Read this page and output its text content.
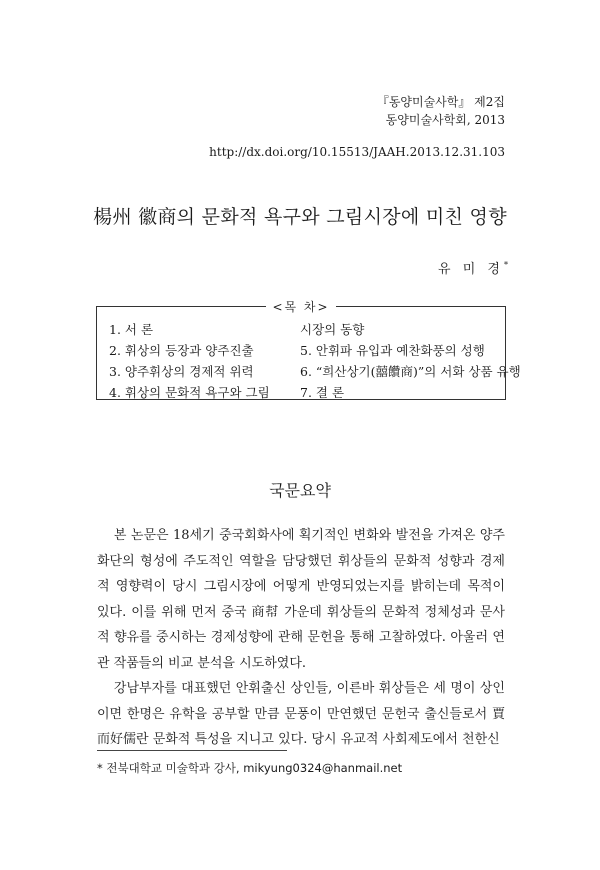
『동양미술사학』 제2집
동양미술사학회, 2013
http://dx.doi.org/10.15513/JAAH.2013.12.31.103
楊州 徽商의 문화적 욕구와 그림시장에 미친 영향
유 미 경*
<목 차>
1. 서 론
2. 휘상의 등장과 양주진출
3. 양주휘상의 경제적 위력
4. 휘상의 문화적 욕구와 그림
시장의 동향
5. 안휘파 유입과 예찬화풍의 성행
6. “희산상기(囍饡商)”의 서화 상품 유행
7. 결 론
국문요약

본 논문은 18세기 중국회화사에 획기적인 변화와 발전을 가져온 양주화단의 형성에 주도적인 역할을 담당했던 휘상들의 문화적 성향과 경제적 영향력이 당시 그림시장에 어떻게 반영되었는지를 밝히는데 목적이 있다. 이를 위해 먼저 중국 商幇 가운데 휘상들의 문화적 정체성과 문사적 향유를 중시하는 경제성향에 관해 문헌을 통해 고찰하였다. 아울러 연관 작품들의 비교 분석을 시도하였다.

강남부자를 대표했던 안휘출신 상인들, 이른바 휘상들은 세 명이 상인이면 한명은 유학을 공부할 만큼 문풍이 만연했던 문헌국 출신들로서 賈而好儒란 문화적 특성을 지니고 있다. 당시 유교적 사회제도에서 천한신

* 전북대학교 미술학과 강사, mikyung0324@hanmail.net
